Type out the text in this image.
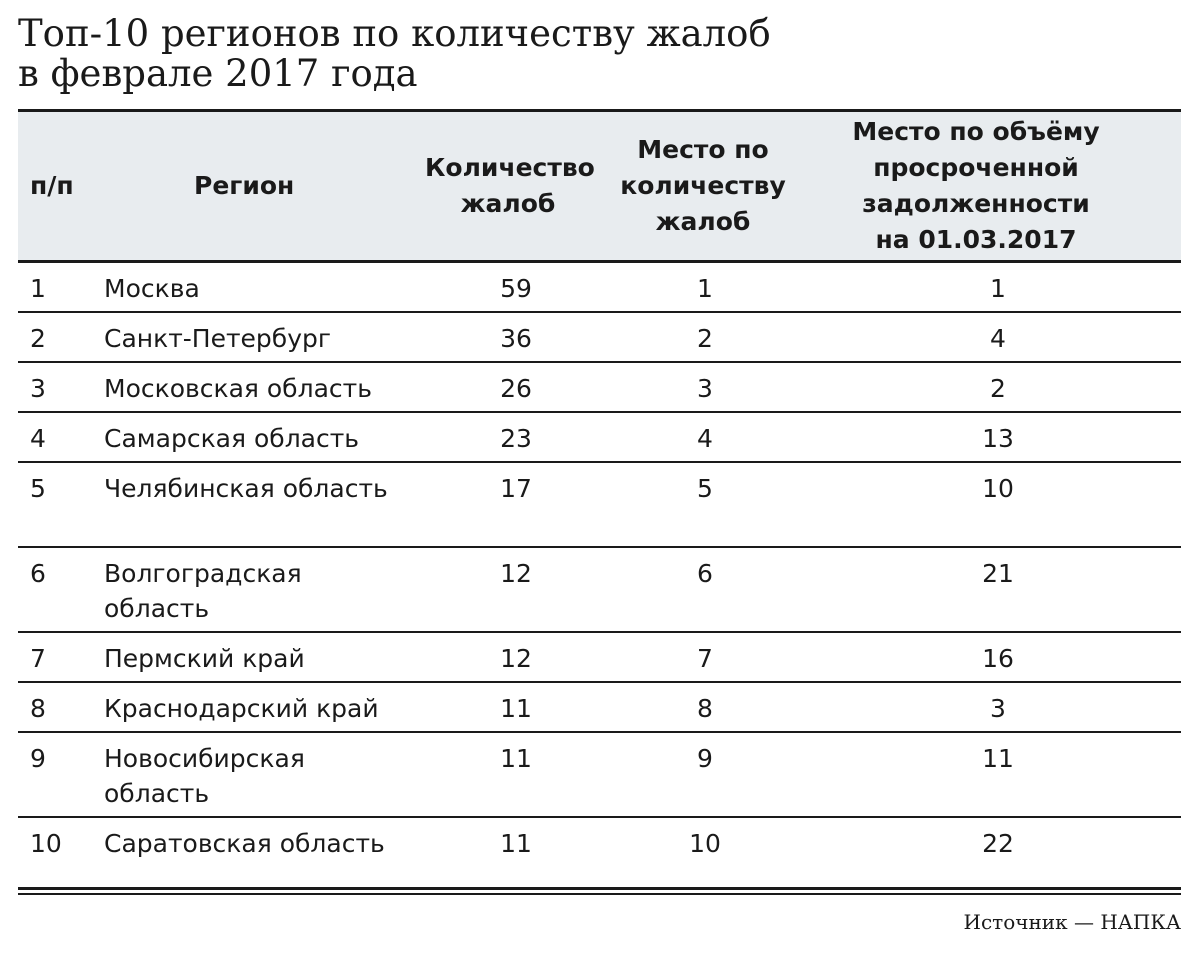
Топ-10 регионов по количеству жалоб
в феврале 2017 года
п/п	Регион	Количество жалоб	Место по количеству жалоб	Место по объёму просроченной задолженности на 01.03.2017
1	Москва	59	1	1
2	Санкт-Петербург	36	2	4
3	Московская область	26	3	2
4	Самарская область	23	4	13
5	Челябинская область	17	5	10
6	Волгоградская область	12	6	21
7	Пермский край	12	7	16
8	Краснодарский край	11	8	3
9	Новосибирская область	11	9	11
10	Саратовская область	11	10	22
Источник — НАПКА
